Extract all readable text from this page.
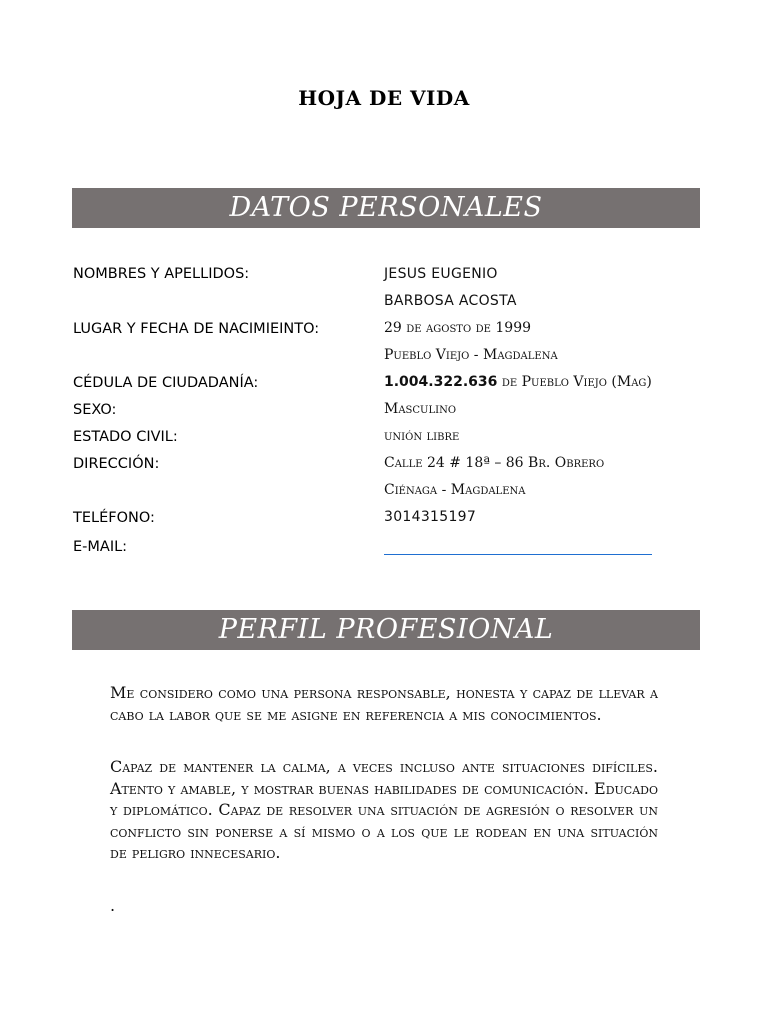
HOJA DE VIDA
DATOS PERSONALES
NOMBRES Y APELLIDOS:	JESUS EUGENIO
BARBOSA ACOSTA
LUGAR Y FECHA DE NACIMIEINTO:	29 de agosto de 1999
Pueblo Viejo - Magdalena
CÉDULA DE CIUDADANÍA:	1.004.322.636 de Pueblo Viejo (Mag)
SEXO:	Masculino
ESTADO CIVIL:	unión libre
DIRECCIÓN:	Calle 24 # 18ª – 86 Br. Obrero
Ciénaga - Magdalena
TELÉFONO:	3014315197
E-MAIL:
PERFIL PROFESIONAL
Me considero como una persona responsable, honesta y capaz de llevar a cabo la labor que se me asigne en referencia a mis conocimientos.
Capaz de mantener la calma, a veces incluso ante situaciones difíciles. Atento y amable, y mostrar buenas habilidades de comunicación. Educado y diplomático. Capaz de resolver una situación de agresión o resolver un conflicto sin ponerse a sí mismo o a los que le rodean en una situación de peligro innecesario.
.
